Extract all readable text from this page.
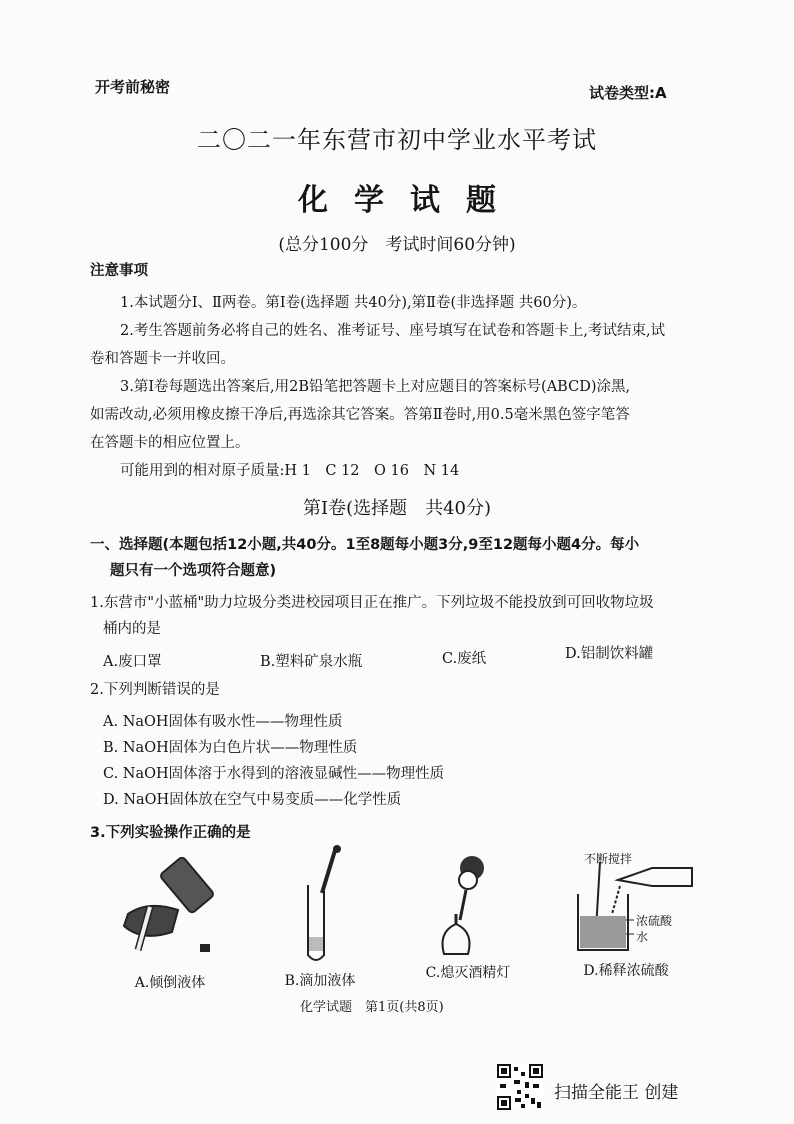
开考前秘密	试卷类型:A
二〇二一年东营市初中学业水平考试
化学试题
(总分100分　考试时间60分钟)
注意事项
1.本试题分Ⅰ、Ⅱ两卷。第Ⅰ卷(选择题 共40分),第Ⅱ卷(非选择题 共60分)。
2.考生答题前务必将自己的姓名、准考证号、座号填写在试卷和答题卡上,考试结束,试
卷和答题卡一并收回。
3.第Ⅰ卷每题选出答案后,用2B铅笔把答题卡上对应题目的答案标号(ABCD)涂黑,
如需改动,必须用橡皮擦干净后,再选涂其它答案。答第Ⅱ卷时,用0.5毫米黑色签字笔答
在答题卡的相应位置上。
可能用到的相对原子质量:H 1　C 12　O 16　N 14
第Ⅰ卷(选择题　共40分)
一、选择题(本题包括12小题,共40分。1至8题每小题3分,9至12题每小题4分。每小
题只有一个选项符合题意)
1.东营市"小蓝桶"助力垃圾分类进校园项目正在推广。下列垃圾不能投放到可回收物垃圾
桶内的是
A.废口罩	B.塑料矿泉水瓶	C.废纸	D.铝制饮料罐
2.下列判断错误的是
A. NaOH固体有吸水性——物理性质
B. NaOH固体为白色片状——物理性质
C. NaOH固体溶于水得到的溶液显碱性——物理性质
D. NaOH固体放在空气中易变质——化学性质
3.下列实验操作正确的是
A.倾倒液体	B.滴加液体	C.熄灭酒精灯
不断搅拌
浓硫酸
水
D.稀释浓硫酸
化学试题　第1页(共8页)
扫描全能王 创建
